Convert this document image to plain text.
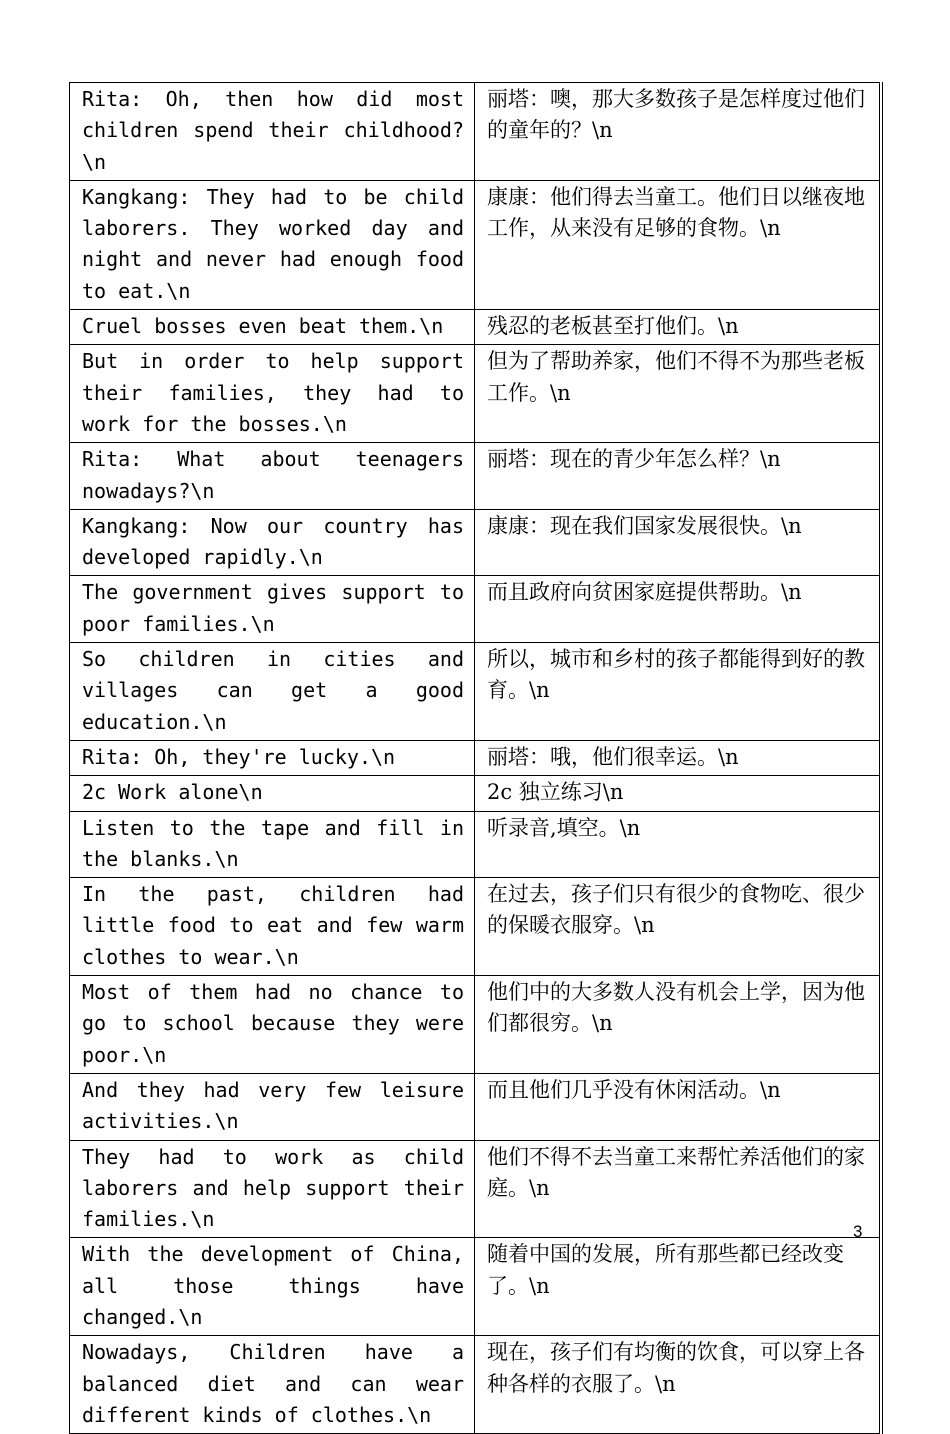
Rita: Oh, then how did most children spend their childhood?\n	丽塔：噢，那大多数孩子是怎样度过他们的童年的？\n
Kangkang: They had to be child laborers. They worked day and night and never had enough food to eat.\n	康康：他们得去当童工。他们日以继夜地工作，从来没有足够的食物。\n
Cruel bosses even beat them.\n	残忍的老板甚至打他们。\n
But in order to help support their families, they had to work for the bosses.\n	但为了帮助养家，他们不得不为那些老板工作。\n
Rita: What about teenagers nowadays?\n	丽塔：现在的青少年怎么样？\n
Kangkang: Now our country has developed rapidly.\n	康康：现在我们国家发展很快。\n
The government gives support to poor families.\n	而且政府向贫困家庭提供帮助。\n
So children in cities and villages can get a good education.\n	所以，城市和乡村的孩子都能得到好的教育。\n
Rita: Oh, they're lucky.\n	丽塔：哦，他们很幸运。\n
2c Work alone\n	2c 独立练习\n
Listen to the tape and fill in the blanks.\n	听录音,填空。\n
In the past, children had little food to eat and few warm clothes to wear.\n	在过去，孩子们只有很少的食物吃、很少的保暖衣服穿。\n
Most of them had no chance to go to school because they were poor.\n	他们中的大多数人没有机会上学，因为他们都很穷。\n
And they had very few leisure activities.\n	而且他们几乎没有休闲活动。\n
They had to work as child laborers and help support their families.\n	他们不得不去当童工来帮忙养活他们的家庭。\n
With the development of China, all those things have changed.\n	随着中国的发展，所有那些都已经改变了。\n
Nowadays, Children have a balanced diet and can wear different kinds of clothes.\n	现在，孩子们有均衡的饮食，可以穿上各种各样的衣服了。\n
3
